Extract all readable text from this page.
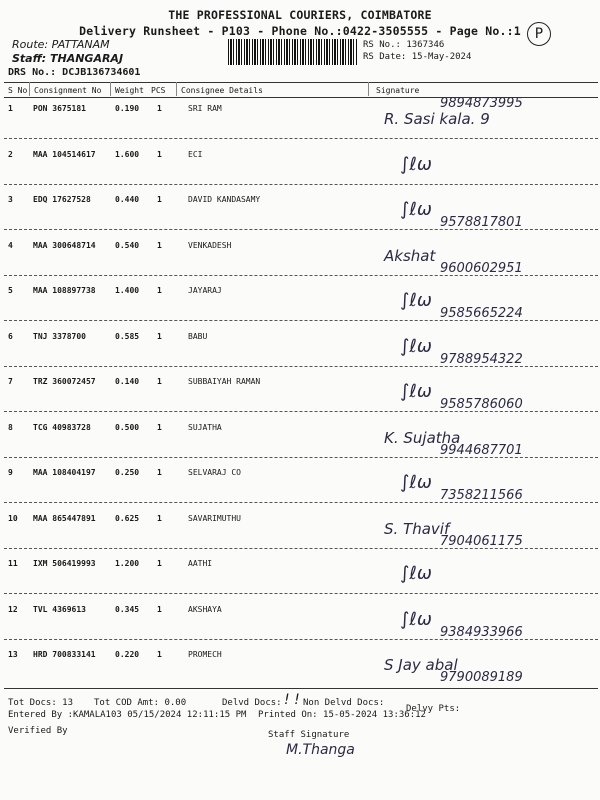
THE PROFESSIONAL COURIERS, COIMBATORE
Delivery Runsheet - P103 - Phone No.:0422-3505555 - Page No.:1 P
Route: PATTANAM
Staff: THANGARAJ
DRS No.: DCJB136734601
RS No.: 1367346
RS Date: 15-May-2024
S No Consignment No Weight PCS Consignee Details	Signature
1	PON 3675181	0.190 1	SRI RAM
R. Sasi kala. 9
9894873995
2	MAA 104514617 1.600 1	ECI	∫ℓω
3	EDQ 17627528	0.440 1	DAVID KANDASAMY	∫ℓω
9578817801
4	MAA 300648714 0.540 1	VENKADESH
Akshat
9600602951
5	MAA 108897738 1.400 1	JAYARAJ	∫ℓω
9585665224
6	TNJ 3378700	0.585 1	BABU	∫ℓω
9788954322
7	TRZ 360072457 0.140 1	SUBBAIYAH RAMAN	∫ℓω
9585786060
8	TCG 40983728	0.500 1	SUJATHA
K. Sujatha
9944687701
9	MAA 108404197 0.250 1	SELVARAJ CO	∫ℓω
7358211566
10 MAA 865447891 0.625 1	SAVARIMUTHU
S. Thavif
7904061175
11 IXM 506419993 1.200 1	AATHI	∫ℓω
12 TVL 4369613	0.345 1	AKSHAYA	∫ℓω
9384933966
13 HRD 700833141 0.220 1	PROMECH
S Jay abal
9790089189
Tot Docs: 13 Tot COD Amt: 0.00	Delvd Docs: ! ! Non Delvd Docs:
Delvy Pts:
Entered By :KAMALA103 05/15/2024 12:11:15 PM Printed On: 15-05-2024 13:36:12
Verified By	Staff Signature
M.Thanga
